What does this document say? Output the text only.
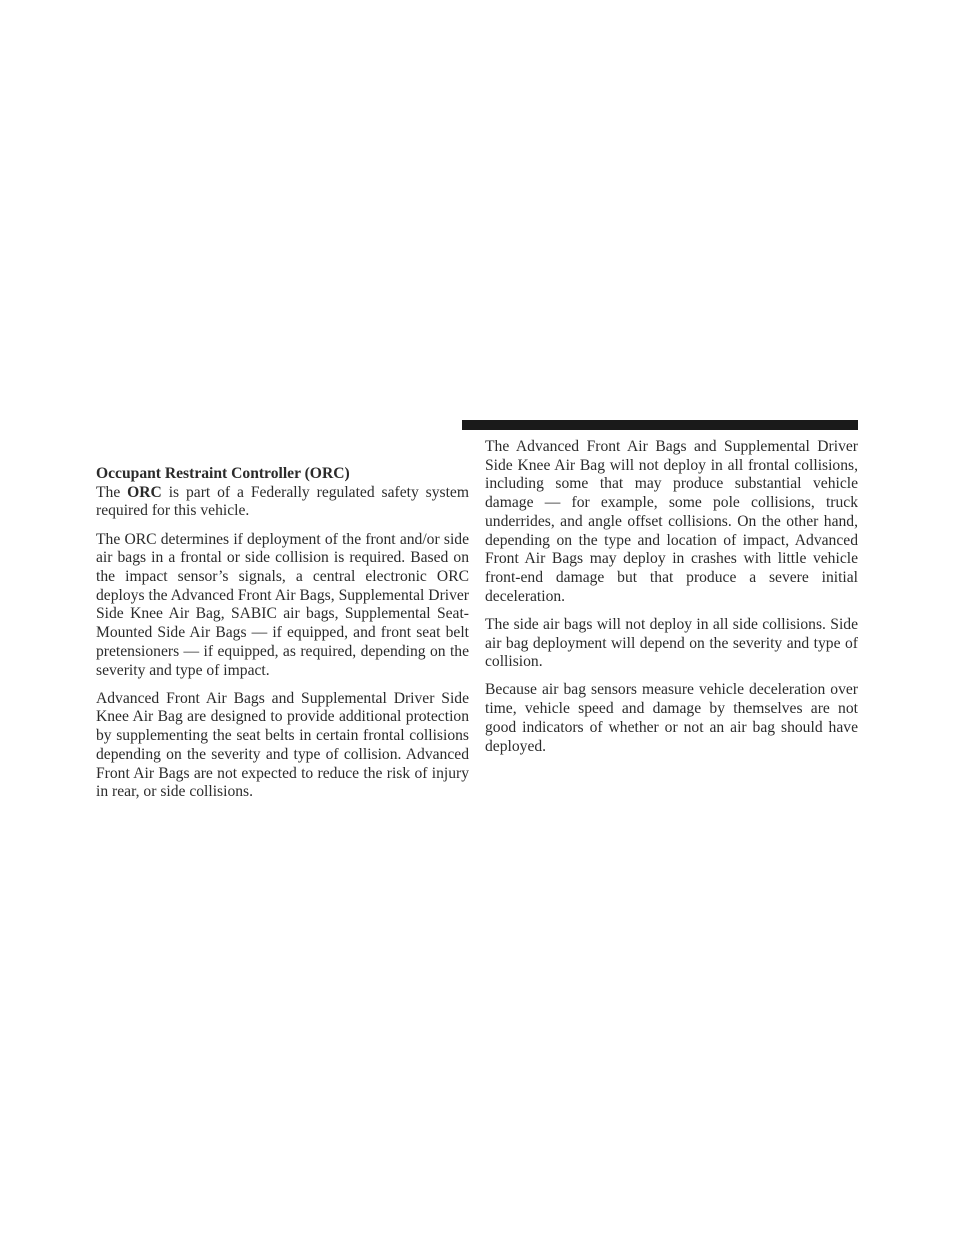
Occupant Restraint Controller (ORC)

The ORC is part of a Federally regulated safety system required for this vehicle.

The ORC determines if deployment of the front and/or side air bags in a frontal or side collision is required. Based on the impact sensor’s signals, a central electronic ORC deploys the Advanced Front Air Bags, Supplemental Driver Side Knee Air Bag, SABIC air bags, Supplemental Seat-Mounted Side Air Bags — if equipped, and front seat belt pretensioners — if equipped, as required, depending on the severity and type of impact.

Advanced Front Air Bags and Supplemental Driver Side Knee Air Bag are designed to provide additional protection by supplementing the seat belts in certain frontal collisions depending on the severity and type of collision. Advanced Front Air Bags are not expected to reduce the risk of injury in rear, or side collisions.

The Advanced Front Air Bags and Supplemental Driver Side Knee Air Bag will not deploy in all frontal collisions, including some that may produce substantial vehicle damage — for example, some pole collisions, truck underrides, and angle offset collisions. On the other hand, depending on the type and location of impact, Advanced Front Air Bags may deploy in crashes with little vehicle front-end damage but that produce a severe initial deceleration.

The side air bags will not deploy in all side collisions. Side air bag deployment will depend on the severity and type of collision.

Because air bag sensors measure vehicle deceleration over time, vehicle speed and damage by themselves are not good indicators of whether or not an air bag should have deployed.
